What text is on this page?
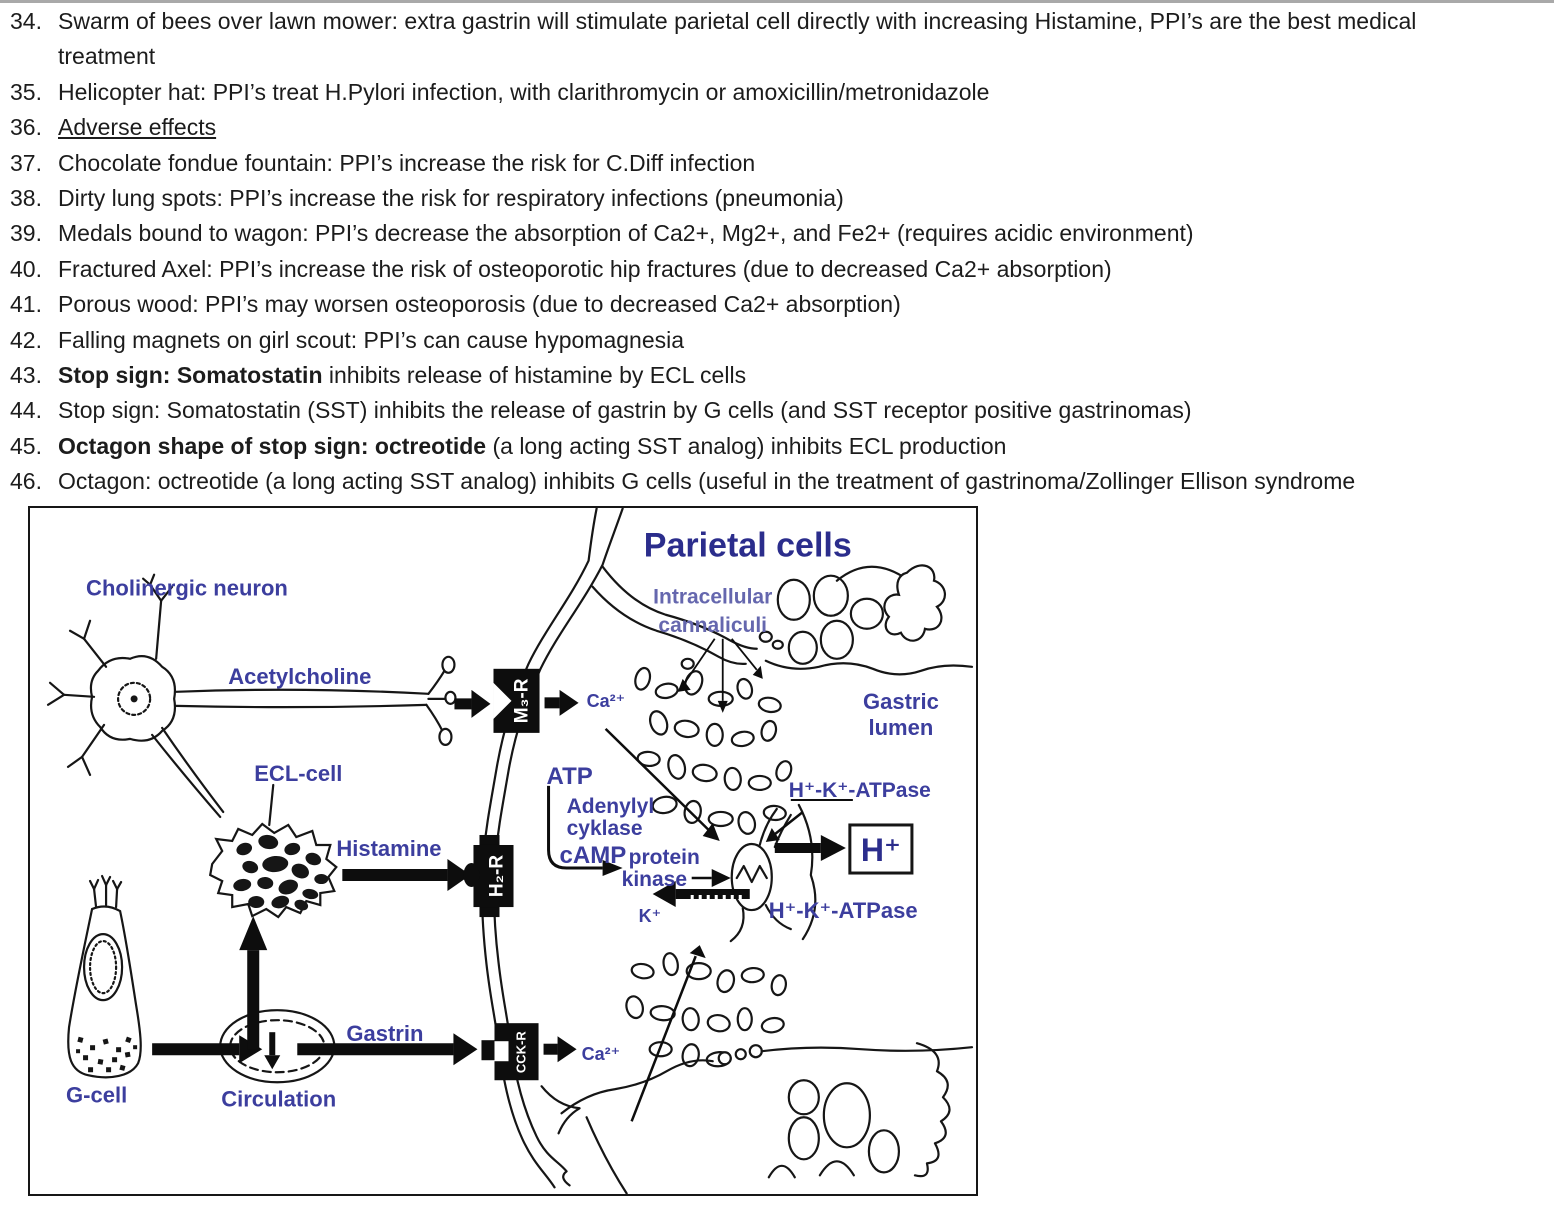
34. Swarm of bees over lawn mower: extra gastrin will stimulate parietal cell directly with increasing Histamine, PPI’s are the best medical treatment
35. Helicopter hat: PPI’s treat H.Pylori infection, with clarithromycin or amoxicillin/metronidazole
36. Adverse effects
37. Chocolate fondue fountain: PPI’s increase the risk for C.Diff infection
38. Dirty lung spots: PPI’s increase the risk for respiratory infections (pneumonia)
39. Medals bound to wagon: PPI’s decrease the absorption of Ca2+, Mg2+, and Fe2+ (requires acidic environment)
40. Fractured Axel: PPI’s increase the risk of osteoporotic hip fractures (due to decreased Ca2+ absorption)
41. Porous wood: PPI’s may worsen osteoporosis (due to decreased Ca2+ absorption)
42. Falling magnets on girl scout: PPI’s can cause hypomagnesia
43. Stop sign: Somatostatin inhibits release of histamine by ECL cells
44. Stop sign: Somatostatin (SST) inhibits the release of gastrin by G cells (and SST receptor positive gastrinomas)
45. Octagon shape of stop sign: octreotide (a long acting SST analog) inhibits ECL production
46. Octagon: octreotide (a long acting SST analog) inhibits G cells (useful in the treatment of gastrinoma/Zollinger Ellison syndrome
M₃-R
H₂-R
CCK-R
Parietal cells
Cholinergic neuron
Acetylcholine
Intracellular
cannaliculi
Gastric
lumen
Ca²⁺
ECL-cell
Histamine
ATP
Adenylyl
cyklase
cAMP protein
kinase
K⁺
H⁺-K⁺-ATPase
H⁺-K⁺-ATPase
H⁺
Gastrin
Ca²⁺
G-cell	Circulation
